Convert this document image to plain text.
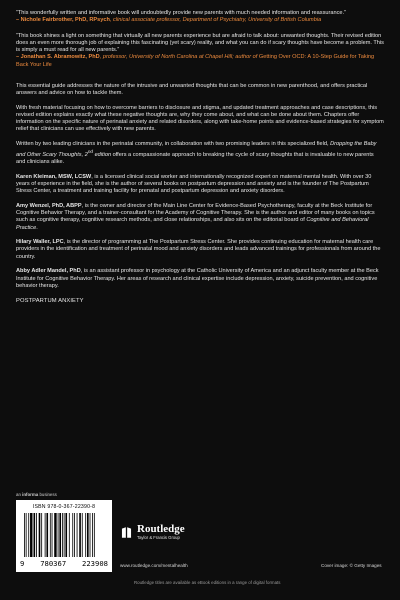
“This wonderfully written and informative book will undoubtedly provide new parents with much needed information and reassurance.”
– Nichole Fairbrother, PhD, RPsych, clinical associate professor, Department of Psychiatry, University of British Columbia
“This book shines a light on something that virtually all new parents experience but are afraid to talk about: unwanted thoughts. Their revised edition does an even more thorough job of explaining this fascinating (yet scary) reality, and what you can do if scary thoughts have become a problem. This is simply a must read for all new parents.”
– Jonathan S. Abramowitz, PhD, professor, University of North Carolina at Chapel Hill; author of Getting Over OCD: A 10-Step Guide for Taking Back Your Life

This essential guide addresses the nature of the intrusive and unwanted thoughts that can be common in new parenthood, and offers practical answers and advice on how to tackle them.

With fresh material focusing on how to overcome barriers to disclosure and stigma, and updated treatment approaches and case descriptions, this revised edition explains exactly what these negative thoughts are, why they come about, and what can be done about them. Chapters offer information on the specific nature of perinatal anxiety and related disorders, along with take-home points and evidence-based strategies for symptom relief that clinicians can use effectively with new parents.

Written by two leading clinicians in the perinatal community, in collaboration with two promising leaders in this specialized field, Dropping the Baby and Other Scary Thoughts, 2nd edition offers a compassionate approach to breaking the cycle of scary thoughts that is invaluable to new parents and clinicians alike.

Karen Kleiman, MSW, LCSW, is a licensed clinical social worker and internationally recognized expert on maternal mental health. With over 30 years of experience in the field, she is the author of several books on postpartum depression and anxiety and is the founder of The Postpartum Stress Center, a treatment and training facility for prenatal and postpartum depression and anxiety disorders.

Amy Wenzel, PhD, ABPP, is the owner and director of the Main Line Center for Evidence-Based Psychotherapy, faculty at the Beck Institute for Cognitive Behavior Therapy, and a trainer-consultant for the Academy of Cognitive Therapy. She is the author and editor of many books on topics such as cognitive therapy, cognitive research methods, and close relationships, and also sits on the editorial board of Cognitive and Behavioral Practice.

Hilary Waller, LPC, is the director of programming at The Postpartum Stress Center. She provides continuing education for maternal health care providers in the identification and treatment of perinatal mood and anxiety disorders and leads advanced trainings for professionals from around the country.

Abby Adler Mandel, PhD, is an assistant professor in psychology at the Catholic University of America and an adjunct faculty member at the Beck Institute for Cognitive Behavior Therapy. Her areas of research and clinical expertise include depression, anxiety, suicide prevention, and cognitive behavior therapy.

POSTPARTUM ANXIETY
an informa business
ISBN 978-0-367-22390-8
9 780367 223908
Routledge
Taylor & Francis Group
www.routledge.com/mentalhealth	Cover image: © Getty Images
Routledge titles are available as eBook editions in a range of digital formats
